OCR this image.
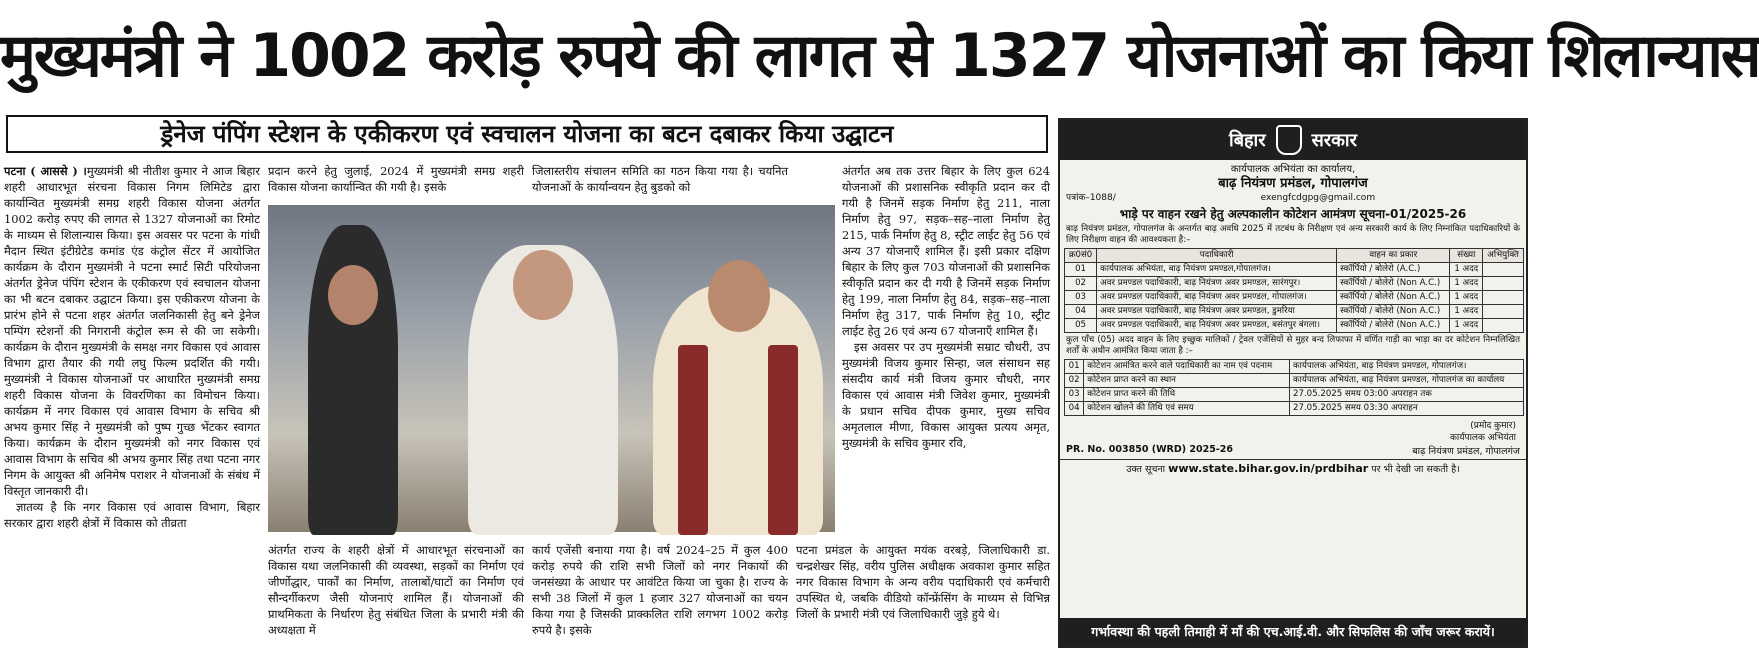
मुख्यमंत्री ने 1002 करोड़ रुपये की लागत से 1327 योजनाओं का किया शिलान्यास
ड्रेनेज पंपिंग स्टेशन के एकीकरण एवं स्वचालन योजना का बटन दबाकर किया उद्घाटन

पटना ( आससे ) ।मुख्यमंत्री श्री नीतीश कुमार ने आज बिहार शहरी आधारभूत संरचना विकास निगम लिमिटेड द्वारा कार्यान्वित मुख्यमंत्री समग्र शहरी विकास योजना अंतर्गत 1002 करोड़ रुपए की लागत से 1327 योजनाओं का रिमोट के माध्यम से शिलान्यास किया। इस अवसर पर पटना के गांधी मैदान स्थित इंटीग्रेटेड कमांड एंड कंट्रोल सेंटर में आयोजित कार्यक्रम के दौरान मुख्यमंत्री ने पटना स्मार्ट सिटी परियोजना अंतर्गत ड्रेनेज पंपिंग स्टेशन के एकीकरण एवं स्वचालन योजना का भी बटन दबाकर उद्घाटन किया। इस एकीकरण योजना के प्रारंभ होने से पटना शहर अंतर्गत जलनिकासी हेतु बने ड्रेनेज पम्पिंग स्टेशनों की निगरानी कंट्रोल रूम से की जा सकेगी। कार्यक्रम के दौरान मुख्यमंत्री के समक्ष नगर विकास एवं आवास विभाग द्वारा तैयार की गयी लघु फिल्म प्रदर्शित की गयी। मुख्यमंत्री ने विकास योजनाओं पर आधारित मुख्यमंत्री समग्र शहरी विकास योजना के विवरणिका का विमोचन किया। कार्यक्रम में नगर विकास एवं आवास विभाग के सचिव श्री अभय कुमार सिंह ने मुख्यमंत्री को पुष्प गुच्छ भेंटकर स्वागत किया। कार्यक्रम के दौरान मुख्यमंत्री को नगर विकास एवं आवास विभाग के सचिव श्री अभय कुमार सिंह तथा पटना नगर निगम के आयुक्त श्री अनिमेष पराशर ने योजनाओं के संबंध में विस्तृत जानकारी दी।

ज्ञातव्य है कि नगर विकास एवं आवास विभाग, बिहार सरकार द्वारा शहरी क्षेत्रों में विकास को तीव्रता

प्रदान करने हेतु जुलाई, 2024 में मुख्यमंत्री समग्र शहरी विकास योजना कार्यान्वित की गयी है। इसके

जिलास्तरीय संचालन समिति का गठन किया गया है। चयनित योजनाओं के कार्यान्वयन हेतु बुडको को

अंतर्गत राज्य के शहरी क्षेत्रों में आधारभूत संरचनाओं का विकास यथा जलनिकासी की व्यवस्था, सड़कों का निर्माण एवं जीर्णोद्धार, पार्कों का निर्माण, तालाबों/घाटों का निर्माण एवं सौन्दर्गीकरण जैसी योजनाएं शामिल हैं। योजनाओं की प्राथमिकता के निर्धारण हेतु संबंधित जिला के प्रभारी मंत्री की अध्यक्षता में

कार्य एजेंसी बनाया गया है। वर्ष 2024–25 में कुल 400 करोड़ रुपये की राशि सभी जिलों को नगर निकायों की जनसंख्या के आधार पर आवंटित किया जा चुका है। राज्य के सभी 38 जिलों में कुल 1 हजार 327 योजनाओं का चयन किया गया है जिसकी प्राक्कलित राशि लगभग 1002 करोड़ रुपये है। इसके

अंतर्गत अब तक उत्तर बिहार के लिए कुल 624 योजनाओं की प्रशासनिक स्वीकृति प्रदान कर दी गयी है जिनमें सड़क निर्माण हेतु 211, नाला निर्माण हेतु 97, सड़क–सह–नाला निर्माण हेतु 215, पार्क निर्माण हेतु 8, स्ट्रीट लाईट हेतु 56 एवं अन्य 37 योजनाएँ शामिल हैं। इसी प्रकार दक्षिण बिहार के लिए कुल 703 योजनाओं की प्रशासनिक स्वीकृति प्रदान कर दी गयी है जिनमें सड़क निर्माण हेतु 199, नाला निर्माण हेतु 84, सड़क–सह–नाला निर्माण हेतु 317, पार्क निर्माण हेतु 10, स्ट्रीट लाईट हेतु 26 एवं अन्य 67 योजनाएँ शामिल हैं।

इस अवसर पर उप मुख्यमंत्री सम्राट चौधरी, उप मुख्यमंत्री विजय कुमार सिन्हा, जल संसाधन सह संसदीय कार्य मंत्री विजय कुमार चौधरी, नगर विकास एवं आवास मंत्री जिवेश कुमार, मुख्यमंत्री के प्रधान सचिव दीपक कुमार, मुख्य सचिव अमृतलाल मीणा, विकास आयुक्त प्रत्यय अमृत, मुख्यमंत्री के सचिव कुमार रवि,

पटना प्रमंडल के आयुक्त मयंक वरबड़े, जिलाधिकारी डा. चन्द्रशेखर सिंह, वरीय पुलिस अधीक्षक अवकाश कुमार सहित नगर विकास विभाग के अन्य वरीय पदाधिकारी एवं कर्मचारी उपस्थित थे, जबकि वीडियो कॉन्फ्रेंसिंग के माध्यम से विभिन्न जिलों के प्रभारी मंत्री एवं जिलाधिकारी जुड़े हुये थे।

बिहार	सरकार
कार्यपालक अभियंता का कार्यालय,
बाढ़ नियंत्रण प्रमंडल, गोपालगंज
पत्रांक–1088/	exengfcdgpg@gmail.com
भाड़े पर वाहन रखने हेतु अल्पकालीन कोटेशन आमंत्रण सूचना-01/2025-26
बाढ़ नियंत्रण प्रमंडल, गोपालगंज के अन्तर्गत बाढ़ अवधि 2025 में तटबंध के निरीक्षण एवं अन्य सरकारी कार्य के लिए निम्नांकित पदाधिकारियों के लिए निरीक्षण वाहन की आवश्यकता है:–
क्र0सं0	पदाधिकारी	वाहन का प्रकार	संख्या	अभियुक्ति
01	कार्यपालक अभियंता, बाढ़ नियंत्रण प्रमण्डल,गोपालगंज।	स्कॉर्पियो / बोलेरो (A.C.)	1 अदद	
02	अवर प्रमण्डल पदाधिकारी, बाढ़ नियंत्रण अवर प्रमण्डल, सारंगपुर।	स्कॉर्पियो / बोलेरो (Non A.C.)	1 अदद	
03	अवर प्रमण्डल पदाधिकारी, बाढ़ नियंत्रण अवर प्रमण्डल, गोपालगंज।	स्कॉर्पियो / बोलेरो (Non A.C.)	1 अदद	
04	अवर प्रमण्डल पदाधिकारी, बाढ़ नियंत्रण अवर प्रमण्डल, डुमरिया	स्कॉर्पियो / बोलेरो (Non A.C.)	1 अदद	
05	अवर प्रमण्डल पदाधिकारी, बाढ़ नियंत्रण अवर प्रमण्डल, बसंतपुर बंगला।	स्कॉर्पियो / बोलेरो (Non A.C.)	1 अदद	
कुल पाँच (05) अदद वाहन के लिए इच्छुक मालिकों / ट्रेवल एजेंसियों से मुहर बन्द लिफाफा में वर्णित गाड़ी का भाड़ा का दर कोटेशन निम्नलिखित शर्तों के अधीन आमंत्रित किया जाता है :–
01	कोटेशन आमंत्रित करने वाले पदाधिकारी का नाम एवं पदनाम	कार्यपालक अभियंता, बाढ़ नियंत्रण प्रमण्डल, गोपालगंज।
02	कोटेशन प्राप्त करने का स्थान	कार्यपालक अभियंता, बाढ़ नियंत्रण प्रमण्डल, गोपालगंज का कार्यालय
03	कोटेशन प्राप्त करने की तिथि	27.05.2025 समय 03:00 अपराहन तक
04	कोटेशन खोलने की तिथि एवं समय	27.05.2025 समय 03:30 अपराहन
(प्रमोद कुमार)
कार्यपालक अभियंता
PR. No. 003850 (WRD) 2025-26	बाढ़ नियंत्रण प्रमंडल, गोपालगंज
उक्त सूचना www.state.bihar.gov.in/prdbihar पर भी देखी जा सकती है।
गर्भावस्था की पहली तिमाही में माँ की एच.आई.वी. और सिफलिस की जाँच जरूर करायें।
